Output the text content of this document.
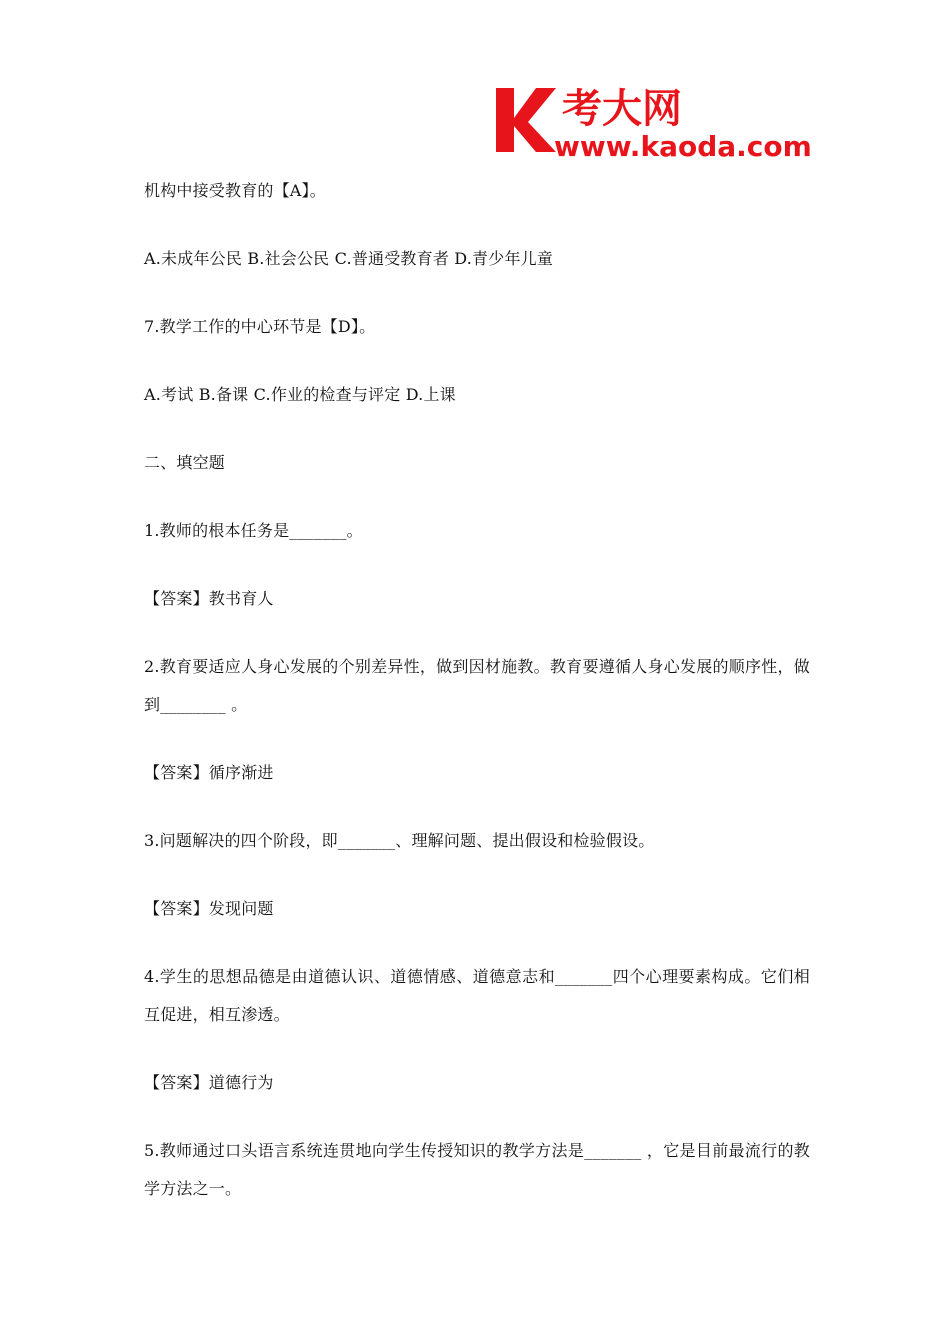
考大网
www.kaoda.com

机构中接受教育的【A】。

A.未成年公民 B.社会公民 C.普通受教育者 D.青少年儿童

7.教学工作的中心环节是【D】。

A.考试 B.备课 C.作业的检查与评定 D.上课

二、填空题

1.教师的根本任务是_______。

【答案】教书育人

2.教育要适应人身心发展的个别差异性，做到因材施教。教育要遵循人身心发展的顺序性，做到________ 。

【答案】循序渐进

3.问题解决的四个阶段，即_______、理解问题、提出假设和检验假设。

【答案】发现问题

4.学生的思想品德是由道德认识、道德情感、道德意志和_______四个心理要素构成。它们相互促进，相互渗透。

【答案】道德行为

5.教师通过口头语言系统连贯地向学生传授知识的教学方法是_______ ，它是目前最流行的教学方法之一。
